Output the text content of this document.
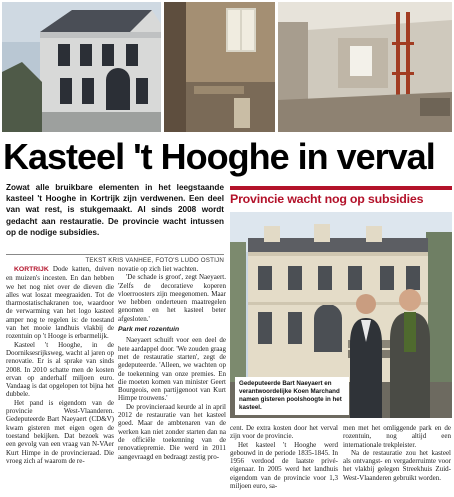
Kasteel 't Hooghe in verval
Zowat alle bruikbare elementen in het leegstaande kasteel 't Hooghe in Kortrijk zijn verdwenen. Een deel van wat rest, is stukgemaakt. Al sinds 2008 wordt gedacht aan restauratie. De provincie wacht intussen op de nodige subsidies.
Provincie wacht nog op subsidies
Gedeputeerde Bart Naeyaert en verantwoordelijke Koen Marchand namen gisteren poolshoogte in het kasteel.
TEKST KRIS VANHEE, FOTO'S LUDO OSTIJN

KORTRIJK Dode katten, duiven en muizen's incesten. En dan hebben we het nog niet over de dieven die alles wat loszat meegraaiden. Tot de tharmostatischakranen toe, waardoor de verwarming van het logo kasteel amper nog te regelen is: de toestand van het mooie landhuis vlakbij de rozentuin op 't Hooge is erbarmelijk.

Kasteel 't Hooghe, in de Doorniksesrijksweg, wacht al jaren op renovatie. Er is al sprake van sinds 2008. In 2010 schatte men de kosten ervan op anderhalf miljoen euro. Vandaag is dat opgelopen tot bijna het dubbele.

Het pand is eigendom van de provincie West-Vlaanderen. Gedeputeerde Bart Naeyaert (CD&V) kwam gisteren met eigen ogen de toestand bekijken. Dat bezoek was een gevolg van een vraag van N-VAer Kurt Himpe in de provincieraad. Die vroeg zich af waarom de re-

novatie op zich liet wachten.

'De schade is groot', zegt Naeyaert. 'Zelfs de decoratieve koperen vloerroosters zijn meegenomen. Maar we hebben onderteuen maatregelen genomen en het kasteel beter afgesloten.'

Park met rozentuin

Naeyaert schuift voor een deel de hete aardappel door. 'We zouden graag met de restauratie starten', zegt de gedeputeerde. 'Alleen, we wachten op de toekenning van onze premies. En die moeten komen van minister Geert Bourgeois, een partijgenoot van Kurt Himpe trouwens.'

De provincieraad keurde al in april 2012 de restauratie van het kasteel goed. Maar de ambtenaren van de werken kan niet zonder starten dan na de officiële toekenning van de renovatiepremie. Die werd in 2011 aangevraagd en bedraagt zestig pro-

cent. De extra kosten door het verval zijn voor de provincie.

Het kasteel 't Hooghe werd gebouwd in de periode 1835-1845. In 1956 verdood de laatste privé-eigenaar. In 2005 werd het landhuis eigendom van de provincie voor 1,3 miljoen euro, sa-

men met het omliggende park en de rozentuin, nog altijd een internationale trekpleister.

Na de restauratie zou het kasteel als ontvangst- en vergaderruimte voor het vlakbij gelegen Streekhuis Zuid-West-Vlaanderen gebruikt worden.
